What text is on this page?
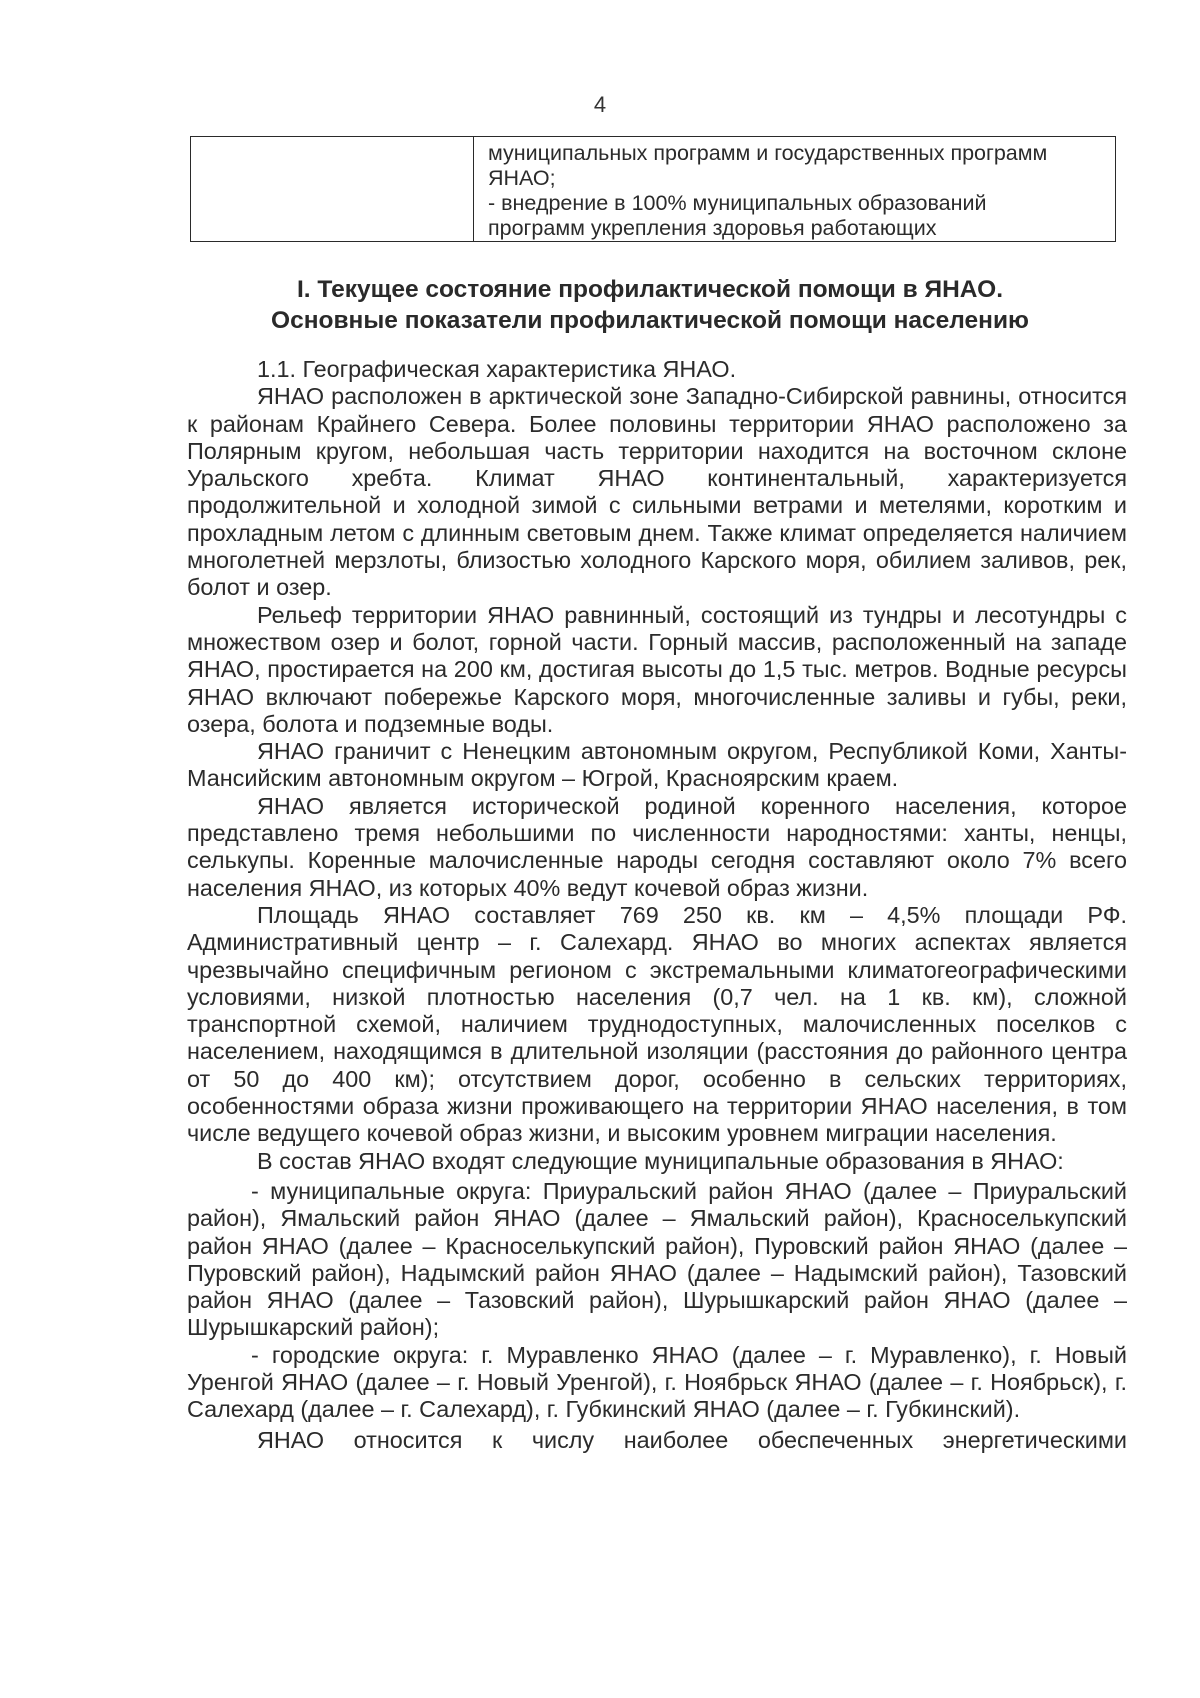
4

муниципальных программ и государственных программ
ЯНАО;
- внедрение в 100% муниципальных образований
программ укрепления здоровья работающих
I. Текущее состояние профилактической помощи в ЯНАО.
Основные показатели профилактической помощи населению

1.1. Географическая характеристика ЯНАО.

ЯНАО расположен в арктической зоне Западно-Сибирской равнины, относится к районам Крайнего Севера. Более половины территории ЯНАО расположено за Полярным кругом, небольшая часть территории находится на восточном склоне Уральского хребта. Климат ЯНАО континентальный, характеризуется продолжительной и холодной зимой с сильными ветрами и метелями, коротким и прохладным летом с длинным световым днем. Также климат определяется наличием многолетней мерзлоты, близостью холодного Карского моря, обилием заливов, рек, болот и озер.

Рельеф территории ЯНАО равнинный, состоящий из тундры и лесотундры с множеством озер и болот, горной части. Горный массив, расположенный на западе ЯНАО, простирается на 200 км, достигая высоты до 1,5 тыс. метров. Водные ресурсы ЯНАО включают побережье Карского моря, многочисленные заливы и губы, реки, озера, болота и подземные воды.

ЯНАО граничит с Ненецким автономным округом, Республикой Коми, Ханты-Мансийским автономным округом – Югрой, Красноярским краем.

ЯНАО является исторической родиной коренного населения, которое представлено тремя небольшими по численности народностями: ханты, ненцы, селькупы. Коренные малочисленные народы сегодня составляют около 7% всего населения ЯНАО, из которых 40% ведут кочевой образ жизни.

Площадь ЯНАО составляет 769 250 кв. км – 4,5% площади РФ. Административный центр – г. Салехард. ЯНАО во многих аспектах является чрезвычайно специфичным регионом с экстремальными климатогеографическими условиями, низкой плотностью населения (0,7 чел. на 1 кв. км), сложной транспортной схемой, наличием труднодоступных, малочисленных поселков с населением, находящимся в длительной изоляции (расстояния до районного центра от 50 до 400 км); отсутствием дорог, особенно в сельских территориях, особенностями образа жизни проживающего на территории ЯНАО населения, в том числе ведущего кочевой образ жизни, и высоким уровнем миграции населения.

В состав ЯНАО входят следующие муниципальные образования в ЯНАО:

- муниципальные округа: Приуральский район ЯНАО (далее – Приуральский район), Ямальский район ЯНАО (далее – Ямальский район), Красноселькупский район ЯНАО (далее – Красноселькупский район), Пуровский район ЯНАО (далее – Пуровский район), Надымский район ЯНАО (далее – Надымский район), Тазовский район ЯНАО (далее – Тазовский район), Шурышкарский район ЯНАО (далее – Шурышкарский район);

- городские округа: г. Муравленко ЯНАО (далее – г. Муравленко), г. Новый Уренгой ЯНАО (далее – г. Новый Уренгой), г. Ноябрьск ЯНАО (далее – г. Ноябрьск), г. Салехард (далее – г. Салехард), г. Губкинский ЯНАО (далее – г. Губкинский).

ЯНАО относится к числу наиболее обеспеченных энергетическими
